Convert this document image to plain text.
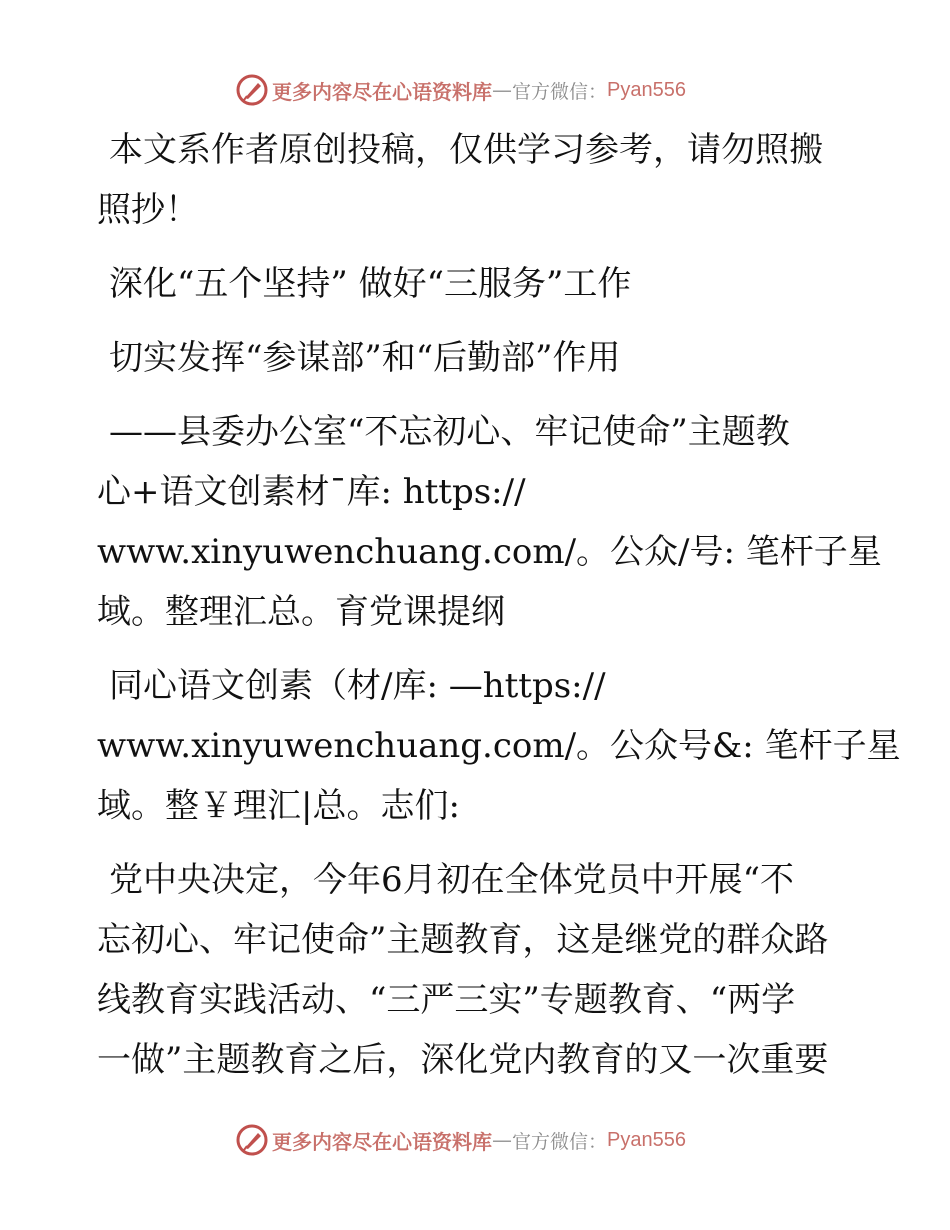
更多内容尽在心语资料库 — 官方微信： Pyan556

本文系作者原创投稿，仅供学习参考，请勿照搬
照抄！

深化“五个坚持” 做好“三服务”工作

切实发挥“参谋部”和“后勤部”作用

——县委办公室“不忘初心、牢记使命”主题教
心+语文创素材¯库: https://
www.xinyuwenchuang.com/。公众/号: 笔杆子星
域。整理汇总。育党课提纲

同心语文创素（材/库: —https://
www.xinyuwenchuang.com/。公众号&: 笔杆子星
域。整￥理汇|总。志们:

党中央决定，今年6月初在全体党员中开展“不
忘初心、牢记使命”主题教育，这是继党的群众路
线教育实践活动、“三严三实”专题教育、“两学
一做”主题教育之后，深化党内教育的又一次重要

更多内容尽在心语资料库 — 官方微信： Pyan556
